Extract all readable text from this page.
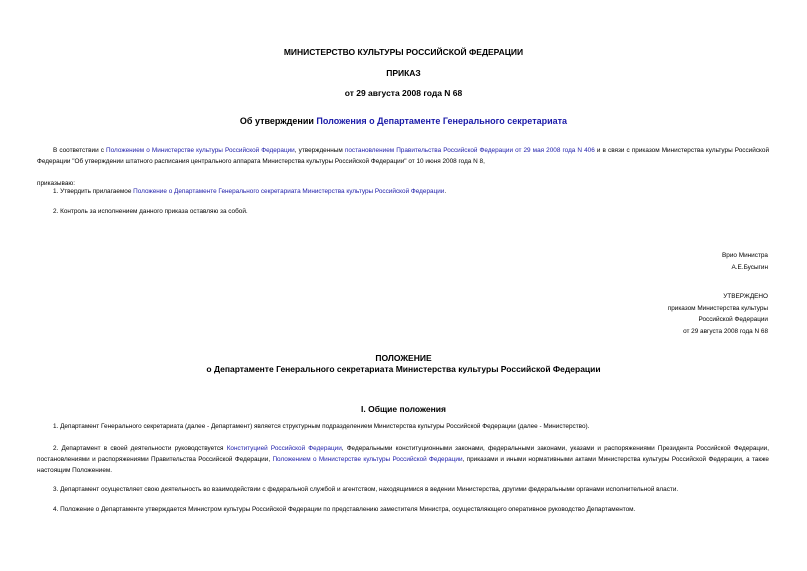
МИНИСТЕРСТВО КУЛЬТУРЫ РОССИЙСКОЙ ФЕДЕРАЦИИ
ПРИКАЗ
от 29 августа 2008 года N 68
Об утверждении Положения о Департаменте Генерального секретариата
В соответствии с Положением о Министерстве культуры Российской Федерации, утвержденным постановлением Правительства Российской Федерации от 29 мая 2008 года N 406 и в связи с приказом Министерства культуры Российской Федерации "Об утверждении штатного расписания центрального аппарата Министерства культуры Российской Федерации" от 10 июня 2008 года N 8,
приказываю:
1. Утвердить прилагаемое Положение о Департаменте Генерального секретариата Министерства культуры Российской Федерации.
2. Контроль за исполнением данного приказа оставляю за собой.
Врио Министра
А.Е.Бусыгин
УТВЕРЖДЕНО
приказом Министерства культуры
Российской Федерации
от 29 августа 2008 года N 68
ПОЛОЖЕНИЕ
о Департаменте Генерального секретариата Министерства культуры Российской Федерации
I. Общие положения
1. Департамент Генерального секретариата (далее - Департамент) является структурным подразделением Министерства культуры Российской Федерации (далее - Министерство).
2. Департамент в своей деятельности руководствуется Конституцией Российской Федерации, Федеральными конституционными законами, федеральными законами, указами и распоряжениями Президента Российской Федерации, постановлениями и распоряжениями Правительства Российской Федерации, Положением о Министерстве культуры Российской Федерации, приказами и иными нормативными актами Министерства культуры Российской Федерации, а также настоящим Положением.
3. Департамент осуществляет свою деятельность во взаимодействии с федеральной службой и агентством, находящимися в ведении Министерства, другими федеральными органами исполнительной власти.
4. Положение о Департаменте утверждается Министром культуры Российской Федерации по представлению заместителя Министра, осуществляющего оперативное руководство Департаментом.
